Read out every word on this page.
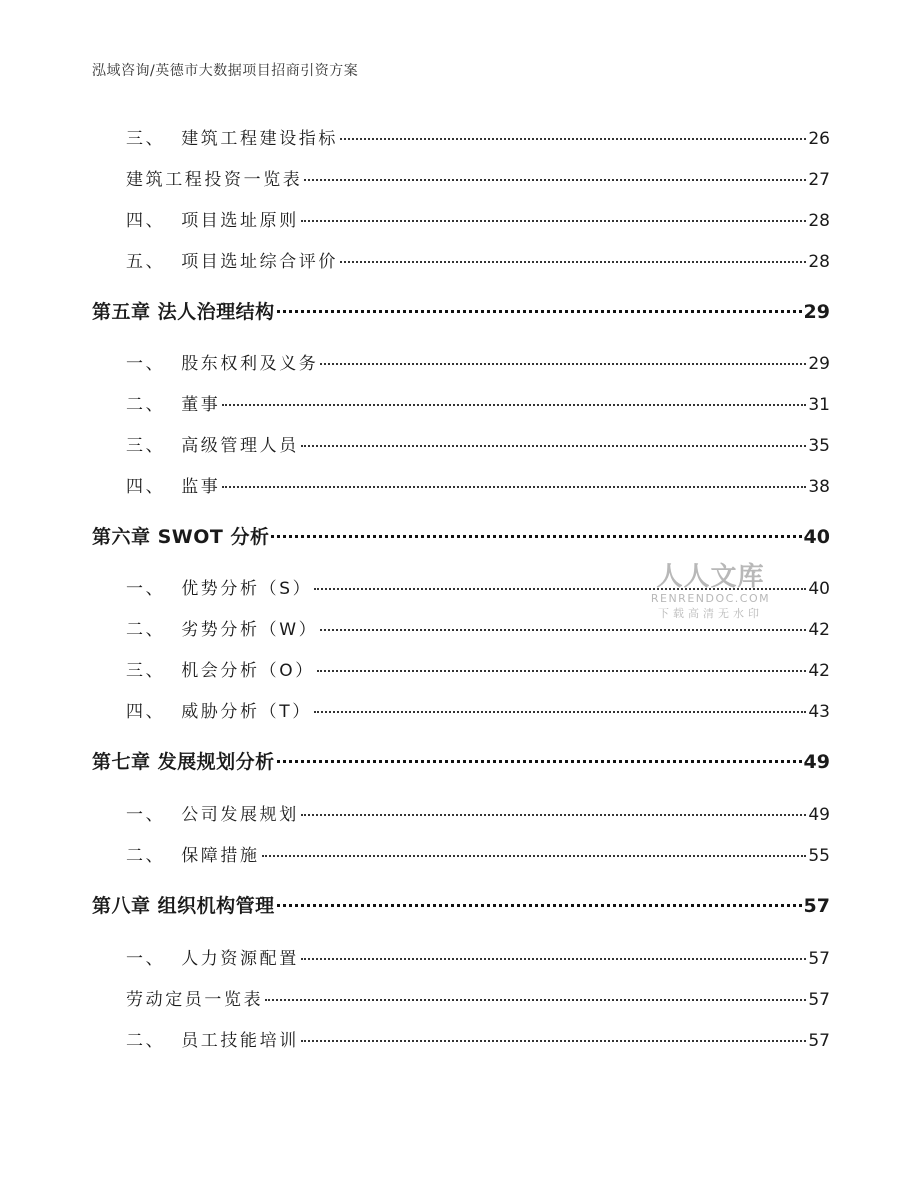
泓域咨询/英德市大数据项目招商引资方案
三、  建筑工程建设指标	26
建筑工程投资一览表	27
四、  项目选址原则	28
五、  项目选址综合评价	28
第五章 法人治理结构	29
一、  股东权利及义务	29
二、  董事	31
三、  高级管理人员	35
四、  监事	38
第六章 SWOT 分析	40
一、  优势分析（S）	40
二、  劣势分析（W）	42
三、  机会分析（O）	42
四、  威胁分析（T）	43
第七章 发展规划分析	49
一、  公司发展规划	49
二、  保障措施	55
第八章 组织机构管理	57
一、  人力资源配置	57
劳动定员一览表	57
二、  员工技能培训	57
人人文库
RENRENDOC.COM
下载高清无水印
